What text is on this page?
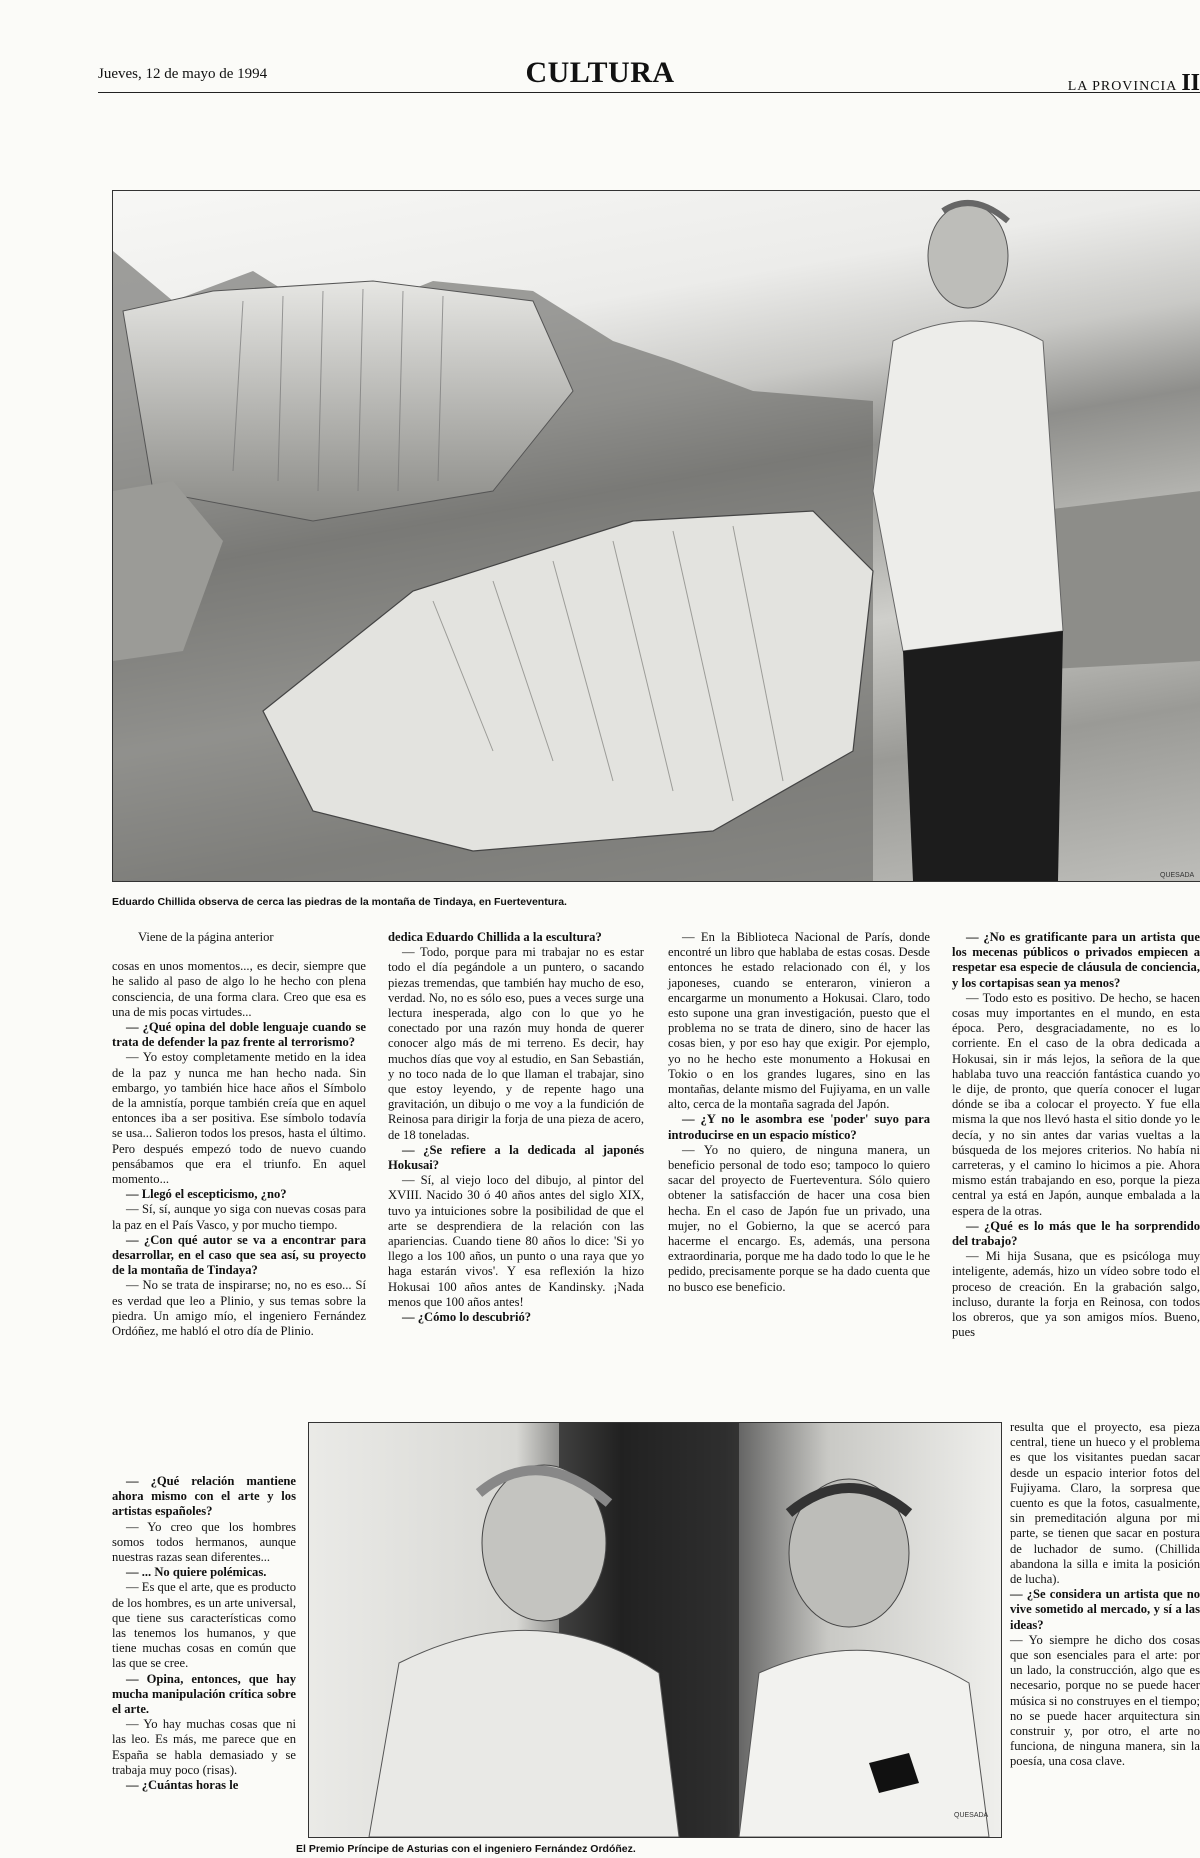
Jueves, 12 de mayo de 1994	CULTURA	LA PROVINCIA II
QUESADA
Eduardo Chillida observa de cerca las piedras de la montaña de Tindaya, en Fuerteventura.

Viene de la página anterior

cosas en unos momentos..., es decir, siempre que he salido al paso de algo lo he hecho con plena consciencia, de una forma clara. Creo que esa es una de mis pocas virtudes...

— ¿Qué opina del doble lenguaje cuando se trata de defender la paz frente al terrorismo?

— Yo estoy completamente metido en la idea de la paz y nunca me han hecho nada. Sin embargo, yo también hice hace años el Símbolo de la amnistía, porque también creía que en aquel entonces iba a ser positiva. Ese símbolo todavía se usa... Salieron todos los presos, hasta el último. Pero después empezó todo de nuevo cuando pensábamos que era el triunfo. En aquel momento...

— Llegó el escepticismo, ¿no?

— Sí, sí, aunque yo siga con nuevas cosas para la paz en el País Vasco, y por mucho tiempo.

— ¿Con qué autor se va a encontrar para desarrollar, en el caso que sea así, su proyecto de la montaña de Tindaya?

— No se trata de inspirarse; no, no es eso... Sí es verdad que leo a Plinio, y sus temas sobre la piedra. Un amigo mío, el ingeniero Fernández Ordóñez, me habló el otro día de Plinio.

— ¿Qué relación mantiene ahora mismo con el arte y los artistas españoles?

— Yo creo que los hombres somos todos hermanos, aunque nuestras razas sean diferentes...

— ... No quiere polémicas.

— Es que el arte, que es producto de los hombres, es un arte universal, que tiene sus características como las tenemos los humanos, y que tiene muchas cosas en común que las que se cree.

— Opina, entonces, que hay mucha manipulación crítica sobre el arte.

— Yo hay muchas cosas que ni las leo. Es más, me parece que en España se habla demasiado y se trabaja muy poco (risas).

— ¿Cuántas horas le

dedica Eduardo Chillida a la escultura?

— Todo, porque para mi trabajar no es estar todo el día pegándole a un puntero, o sacando piezas tremendas, que también hay mucho de eso, verdad. No, no es sólo eso, pues a veces surge una lectura inesperada, algo con lo que yo he conectado por una razón muy honda de querer conocer algo más de mi terreno. Es decir, hay muchos días que voy al estudio, en San Sebastián, y no toco nada de lo que llaman el trabajar, sino que estoy leyendo, y de repente hago una gravitación, un dibujo o me voy a la fundición de Reinosa para dirigir la forja de una pieza de acero, de 18 toneladas.

— ¿Se refiere a la dedicada al japonés Hokusai?

— Sí, al viejo loco del dibujo, al pintor del XVIII. Nacido 30 ó 40 años antes del siglo XIX, tuvo ya intuiciones sobre la posibilidad de que el arte se desprendiera de la relación con las apariencias. Cuando tiene 80 años lo dice: 'Si yo llego a los 100 años, un punto o una raya que yo haga estarán vivos'. Y esa reflexión la hizo Hokusai 100 años antes de Kandinsky. ¡Nada menos que 100 años antes!

— ¿Cómo lo descubrió?

— En la Biblioteca Nacional de París, donde encontré un libro que hablaba de estas cosas. Desde entonces he estado relacionado con él, y los japoneses, cuando se enteraron, vinieron a encargarme un monumento a Hokusai. Claro, todo esto supone una gran investigación, puesto que el problema no se trata de dinero, sino de hacer las cosas bien, y por eso hay que exigir. Por ejemplo, yo no he hecho este monumento a Hokusai en Tokio o en los grandes lugares, sino en las montañas, delante mismo del Fujiyama, en un valle alto, cerca de la montaña sagrada del Japón.

— ¿Y no le asombra ese 'poder' suyo para introducirse en un espacio místico?

— Yo no quiero, de ninguna manera, un beneficio personal de todo eso; tampoco lo quiero sacar del proyecto de Fuerteventura. Sólo quiero obtener la satisfacción de hacer una cosa bien hecha. En el caso de Japón fue un privado, una mujer, no el Gobierno, la que se acercó para hacerme el encargo. Es, además, una persona extraordinaria, porque me ha dado todo lo que le he pedido, precisamente porque se ha dado cuenta que no busco ese beneficio.

— ¿No es gratificante para un artista que los mecenas públicos o privados empiecen a respetar esa especie de cláusula de conciencia, y los cortapisas sean ya menos?

— Todo esto es positivo. De hecho, se hacen cosas muy importantes en el mundo, en esta época. Pero, desgraciadamente, no es lo corriente. En el caso de la obra dedicada a Hokusai, sin ir más lejos, la señora de la que hablaba tuvo una reacción fantástica cuando yo le dije, de pronto, que quería conocer el lugar dónde se iba a colocar el proyecto. Y fue ella misma la que nos llevó hasta el sitio donde yo le decía, y no sin antes dar varias vueltas a la búsqueda de los mejores criterios. No había ni carreteras, y el camino lo hicimos a pie. Ahora mismo están trabajando en eso, porque la pieza central ya está en Japón, aunque embalada a la espera de la otras.

— ¿Qué es lo más que le ha sorprendido del trabajo?

— Mi hija Susana, que es psicóloga muy inteligente, además, hizo un vídeo sobre todo el proceso de creación. En la grabación salgo, incluso, durante la forja en Reinosa, con todos los obreros, que ya son amigos míos. Bueno, pues

resulta que el proyecto, esa pieza central, tiene un hueco y el problema es que los visitantes puedan sacar desde un espacio interior fotos del Fujiyama. Claro, la sorpresa que cuento es que la fotos, casualmente, sin premeditación alguna por mi parte, se tienen que sacar en postura de luchador de sumo. (Chillida abandona la silla e imita la posición de lucha).

— ¿Se considera un artista que no vive sometido al mercado, y sí a las ideas?

— Yo siempre he dicho dos cosas que son esenciales para el arte: por un lado, la construcción, algo que es necesario, porque no se puede hacer música si no construyes en el tiempo; no se puede hacer arquitectura sin construir y, por otro, el arte no funciona, de ninguna manera, sin la poesía, una cosa clave.

QUESADA
El Premio Príncipe de Asturias con el ingeniero Fernández Ordóñez.
